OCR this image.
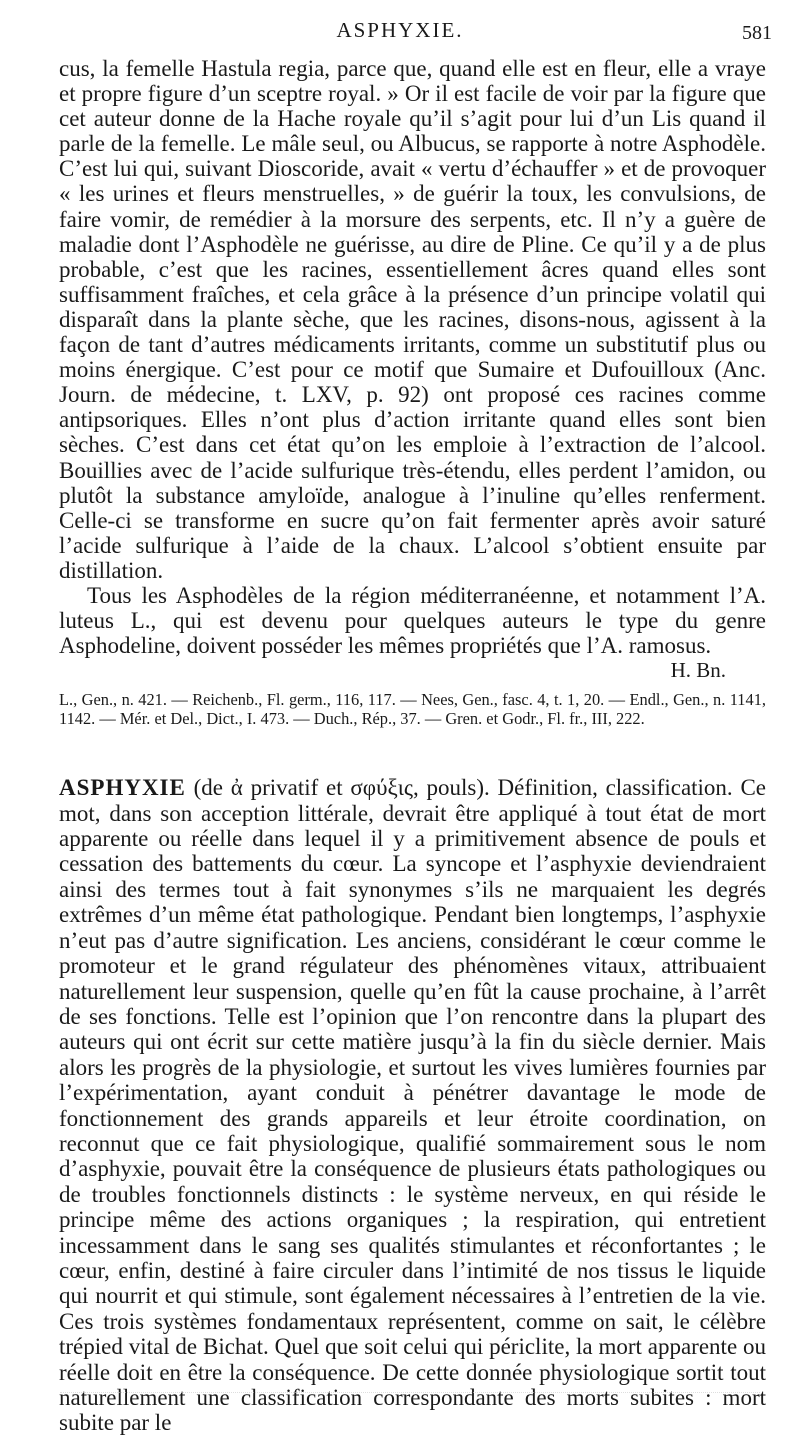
ASPHYXIE.	581

cus, la femelle Hastula regia, parce que, quand elle est en fleur, elle a vraye et propre figure d’un sceptre royal. » Or il est facile de voir par la figure que cet auteur donne de la Hache royale qu’il s’agit pour lui d’un Lis quand il parle de la femelle. Le mâle seul, ou Albucus, se rapporte à notre Asphodèle. C’est lui qui, suivant Dioscoride, avait « vertu d’échauffer » et de provoquer « les urines et fleurs menstruelles, » de guérir la toux, les convulsions, de faire vomir, de remédier à la morsure des serpents, etc. Il n’y a guère de maladie dont l’Asphodèle ne guérisse, au dire de Pline. Ce qu’il y a de plus probable, c’est que les racines, essentiellement âcres quand elles sont suffisamment fraîches, et cela grâce à la présence d’un principe volatil qui disparaît dans la plante sèche, que les racines, disons-nous, agissent à la façon de tant d’autres médicaments irritants, comme un substitutif plus ou moins énergique. C’est pour ce motif que Sumaire et Dufouilloux (Anc. Journ. de médecine, t. LXV, p. 92) ont proposé ces racines comme antipsoriques. Elles n’ont plus d’action irritante quand elles sont bien sèches. C’est dans cet état qu’on les emploie à l’extraction de l’alcool. Bouillies avec de l’acide sulfurique très-étendu, elles perdent l’amidon, ou plutôt la substance amyloïde, analogue à l’inuline qu’elles renferment. Celle-ci se transforme en sucre qu’on fait fermenter après avoir saturé l’acide sulfurique à l’aide de la chaux. L’alcool s’obtient ensuite par distillation.

Tous les Asphodèles de la région méditerranéenne, et notamment l’A. luteus L., qui est devenu pour quelques auteurs le type du genre Asphodeline, doivent posséder les mêmes propriétés que l’A. ramosus.

H. Bn.

L., Gen., n. 421. — Reichenb., Fl. germ., 116, 117. — Nees, Gen., fasc. 4, t. 1, 20. — Endl., Gen., n. 1141, 1142. — Mér. et Del., Dict., I. 473. — Duch., Rép., 37. — Gren. et Godr., Fl. fr., III, 222.

ASPHYXIE (de ἀ privatif et σφύξις, pouls). Définition, classification. Ce mot, dans son acception littérale, devrait être appliqué à tout état de mort apparente ou réelle dans lequel il y a primitivement absence de pouls et cessation des battements du cœur. La syncope et l’asphyxie deviendraient ainsi des termes tout à fait synonymes s’ils ne marquaient les degrés extrêmes d’un même état pathologique. Pendant bien longtemps, l’asphyxie n’eut pas d’autre signification. Les anciens, considérant le cœur comme le promoteur et le grand régulateur des phénomènes vitaux, attribuaient naturellement leur suspension, quelle qu’en fût la cause prochaine, à l’arrêt de ses fonctions. Telle est l’opinion que l’on rencontre dans la plupart des auteurs qui ont écrit sur cette matière jusqu’à la fin du siècle dernier. Mais alors les progrès de la physiologie, et surtout les vives lumières fournies par l’expérimentation, ayant conduit à pénétrer davantage le mode de fonctionnement des grands appareils et leur étroite coordination, on reconnut que ce fait physiologique, qualifié sommairement sous le nom d’asphyxie, pouvait être la conséquence de plusieurs états pathologiques ou de troubles fonctionnels distincts : le système nerveux, en qui réside le principe même des actions organiques ; la respiration, qui entretient incessamment dans le sang ses qualités stimulantes et réconfortantes ; le cœur, enfin, destiné à faire circuler dans l’intimité de nos tissus le liquide qui nourrit et qui stimule, sont également nécessaires à l’entretien de la vie. Ces trois systèmes fondamentaux représentent, comme on sait, le célèbre trépied vital de Bichat. Quel que soit celui qui périclite, la mort apparente ou réelle doit en être la conséquence. De cette donnée physiologique sortit tout naturellement une classification correspondante des morts subites : mort subite par le
